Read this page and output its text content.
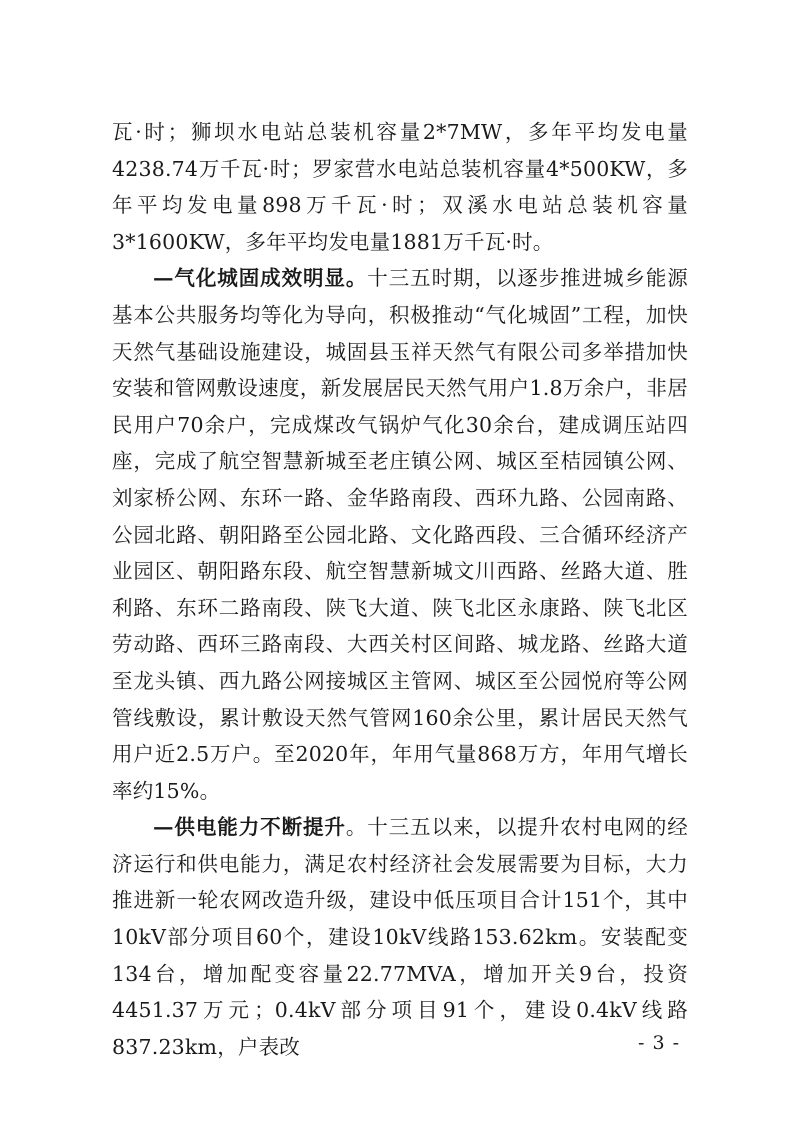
瓦·时；狮坝水电站总装机容量2*7MW，多年平均发电量4238.74万千瓦·时；罗家营水电站总装机容量4*500KW，多年平均发电量898万千瓦·时；双溪水电站总装机容量3*1600KW，多年平均发电量1881万千瓦·时。

—气化城固成效明显。十三五时期，以逐步推进城乡能源基本公共服务均等化为导向，积极推动“气化城固”工程，加快天然气基础设施建设，城固县玉祥天然气有限公司多举措加快安装和管网敷设速度，新发展居民天然气用户1.8万余户，非居民用户70余户，完成煤改气锅炉气化30余台，建成调压站四座，完成了航空智慧新城至老庄镇公网、城区至桔园镇公网、刘家桥公网、东环一路、金华路南段、西环九路、公园南路、公园北路、朝阳路至公园北路、文化路西段、三合循环经济产业园区、朝阳路东段、航空智慧新城文川西路、丝路大道、胜利路、东环二路南段、陕飞大道、陕飞北区永康路、陕飞北区劳动路、西环三路南段、大西关村区间路、城龙路、丝路大道至龙头镇、西九路公网接城区主管网、城区至公园悦府等公网管线敷设，累计敷设天然气管网160余公里，累计居民天然气用户近2.5万户。至2020年，年用气量868万方，年用气增长率约15%。

—供电能力不断提升。十三五以来，以提升农村电网的经济运行和供电能力，满足农村经济社会发展需要为目标，大力推进新一轮农网改造升级，建设中低压项目合计151个，其中10kV部分项目60个，建设10kV线路153.62km。安装配变134台，增加配变容量22.77MVA，增加开关9台，投资4451.37万元；0.4kV部分项目91个，建设0.4kV线路837.23km，户表改	- 3 -
